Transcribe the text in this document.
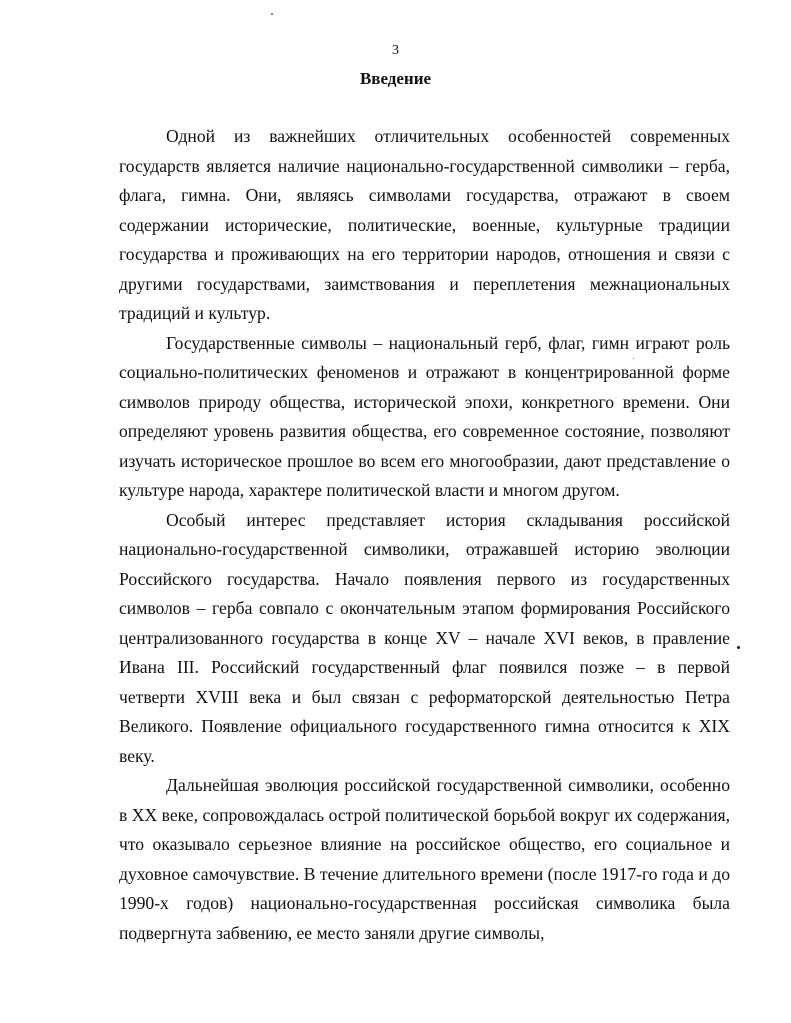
3
Введение

Одной из важнейших отличительных особенностей современных государств является наличие национально-государственной символики – герба, флага, гимна. Они, являясь символами государства, отражают в своем содержании исторические, политические, военные, культурные традиции государства и проживающих на его территории народов, отношения и связи с другими государствами, заимствования и переплетения межнациональных традиций и культур.

Государственные символы – национальный герб, флаг, гимн играют роль социально-политических феноменов и отражают в концентрированной форме символов природу общества, исторической эпохи, конкретного времени. Они определяют уровень развития общества, его современное состояние, позволяют изучать историческое прошлое во всем его многообразии, дают представление о культуре народа, характере политической власти и многом другом.

Особый интерес представляет история складывания российской национально-государственной символики, отражавшей историю эволюции Российского государства. Начало появления первого из государственных символов – герба совпало с окончательным этапом формирования Российского централизованного государства в конце XV – начале XVI веков, в правление Ивана III. Российский государственный флаг появился позже – в первой четверти XVIII века и был связан с реформаторской деятельностью Петра Великого. Появление официального государственного гимна относится к XIX веку.

Дальнейшая эволюция российской государственной символики, особенно в XX веке, сопровождалась острой политической борьбой вокруг их содержания, что оказывало серьезное влияние на российское общество, его социальное и духовное самочувствие. В течение длительного времени (после 1917-го года и до 1990-х годов) национально-государственная российская символика была подвергнута забвению, ее место заняли другие символы,
